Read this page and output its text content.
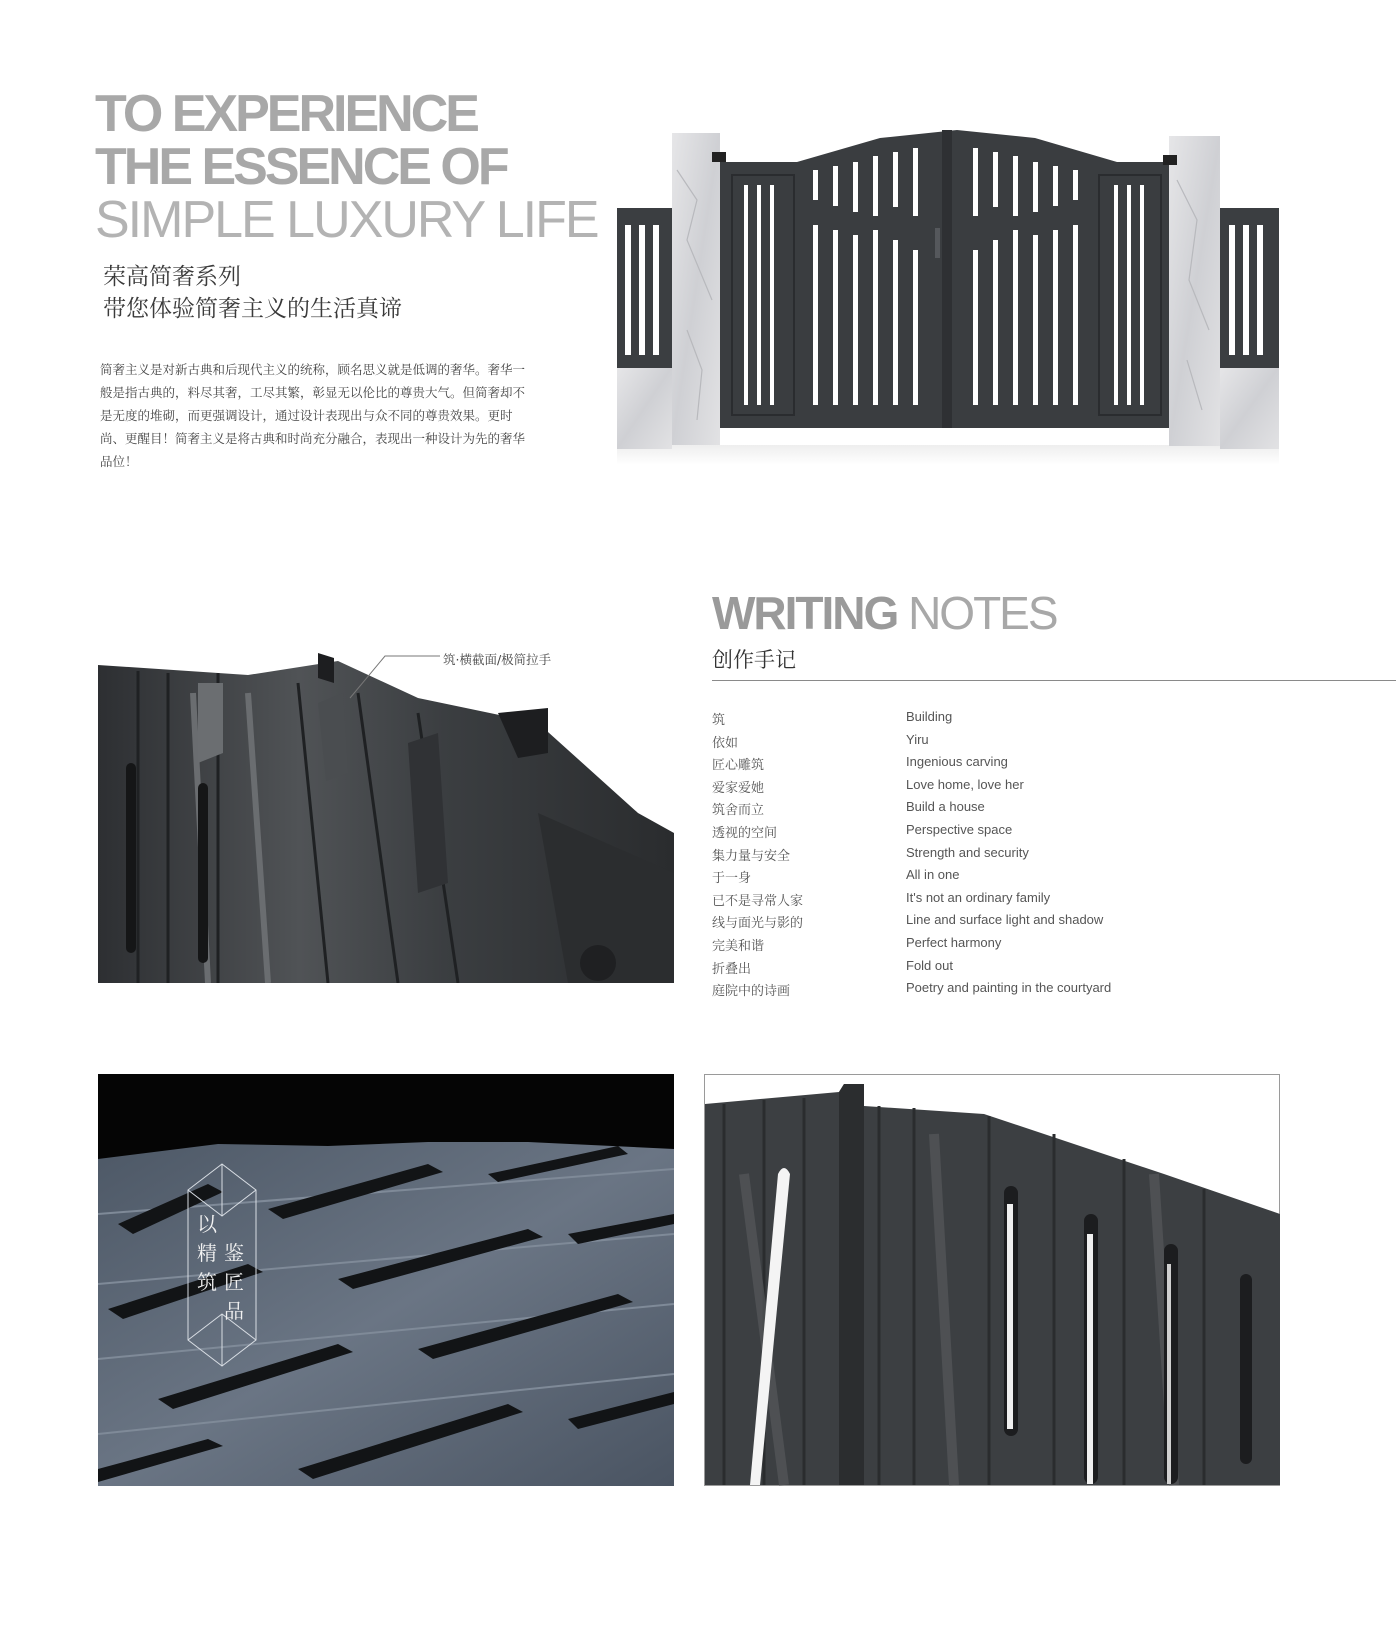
TO EXPERIENCE
THE ESSENCE OF
SIMPLE LUXURY LIFE
荣高简奢系列
带您体验简奢主义的生活真谛
简奢主义是对新古典和后现代主义的统称，顾名思义就是低调的奢华。奢华一般是指古典的，料尽其奢，工尽其繁，彰显无以伦比的尊贵大气。但简奢却不是无度的堆砌，而更强调设计，通过设计表现出与众不同的尊贵效果。更时尚、更醒目！简奢主义是将古典和时尚充分融合，表现出一种设计为先的奢华品位！
筑·横截面/极简拉手
WRITING NOTES
创作手记
筑	Building
依如	Yiru
匠心雕筑	Ingenious carving
爱家爱她	Love home, love her
筑舍而立	Build a house
透视的空间	Perspective space
集力量与安全	Strength and security
于一身	All in one
已不是寻常人家	It's not an ordinary family
线与面光与影的	Line and surface light and shadow
完美和谐	Perfect harmony
折叠出	Fold out
庭院中的诗画	Poetry and painting in the courtyard
以
精
筑
鉴
匠
品
